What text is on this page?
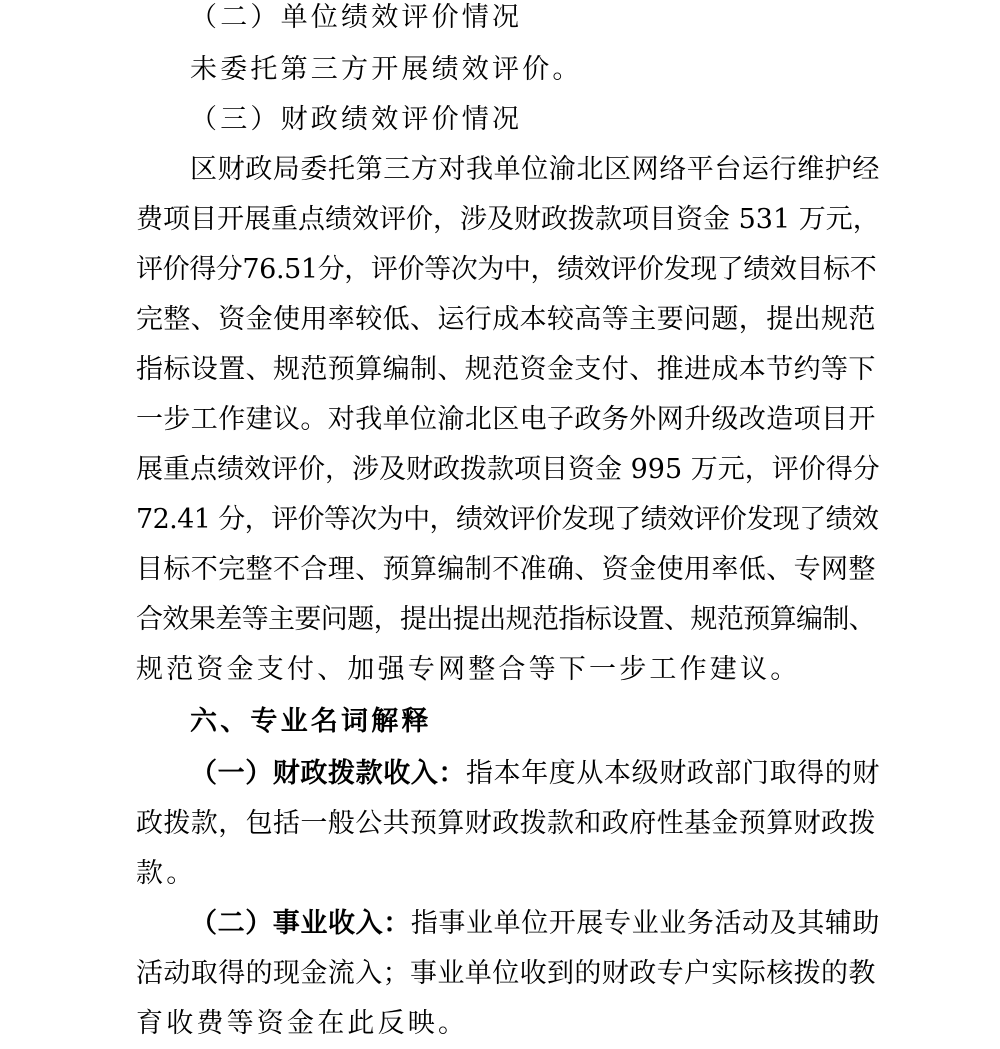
（二）单位绩效评价情况

未委托第三方开展绩效评价。

（三）财政绩效评价情况

区财政局委托第三方对我单位渝北区网络平台运行维护经

费项目开展重点绩效评价，涉及财政拨款项目资金 531 万元，

评价得分76.51分，评价等次为中，绩效评价发现了绩效目标不

完整、资金使用率较低、运行成本较高等主要问题，提出规范

指标设置、规范预算编制、规范资金支付、推进成本节约等下

一步工作建议。对我单位渝北区电子政务外网升级改造项目开

展重点绩效评价，涉及财政拨款项目资金 995 万元，评价得分

72.41 分，评价等次为中，绩效评价发现了绩效评价发现了绩效

目标不完整不合理、预算编制不准确、资金使用率低、专网整

合效果差等主要问题，提出提出规范指标设置、规范预算编制、

规范资金支付、加强专网整合等下一步工作建议。

六、专业名词解释

（一）财政拨款收入：指本年度从本级财政部门取得的财

政拨款，包括一般公共预算财政拨款和政府性基金预算财政拨

款。

（二）事业收入：指事业单位开展专业业务活动及其辅助

活动取得的现金流入；事业单位收到的财政专户实际核拨的教

育收费等资金在此反映。
